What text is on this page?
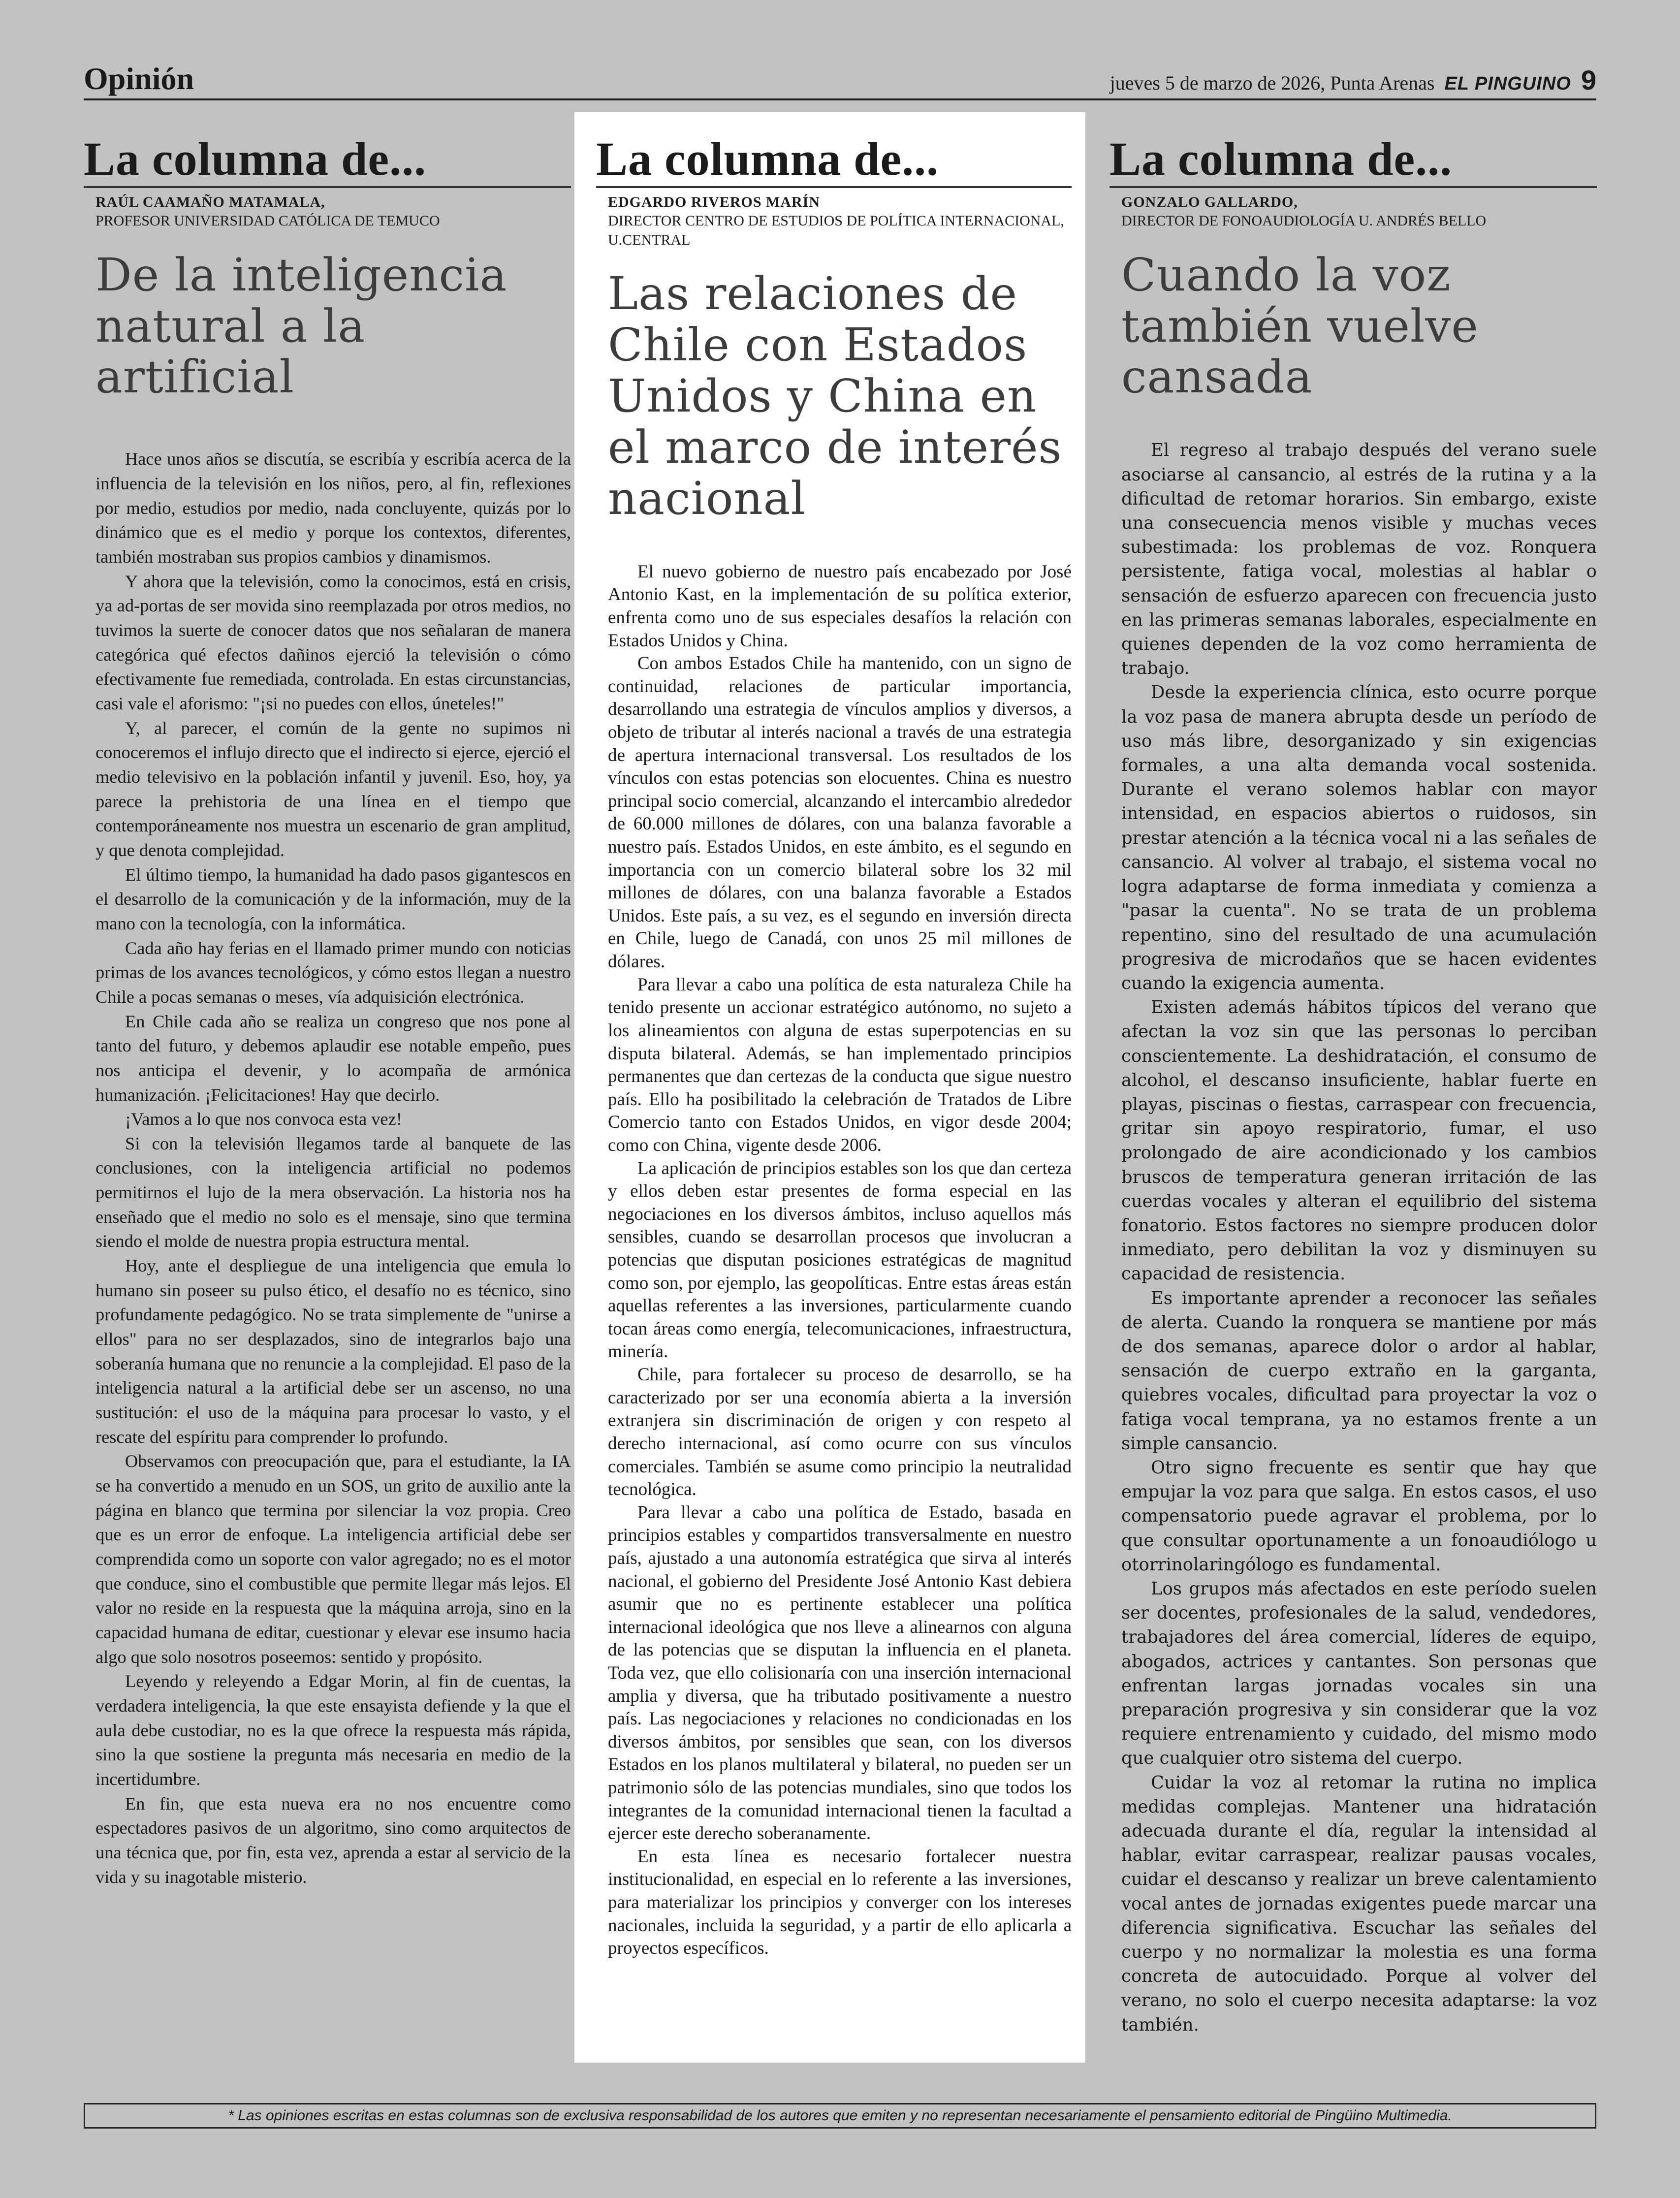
Opinión	jueves 5 de marzo de 2026, Punta Arenas EL PINGUINO 9
La columna de...
RAÚL CAAMAÑO MATAMALA,
PROFESOR UNIVERSIDAD CATÓLICA DE TEMUCO
De la inteligencia natural a la artificial

Hace unos años se discutía, se escribía y escribía acerca de la influencia de la televisión en los niños, pero, al fin, reflexiones por medio, estudios por medio, nada concluyente, quizás por lo dinámico que es el medio y porque los contextos, diferentes, también mostraban sus propios cambios y dinamismos.

Y ahora que la televisión, como la conocimos, está en crisis, ya ad-portas de ser movida sino reemplazada por otros medios, no tuvimos la suerte de conocer datos que nos señalaran de manera categórica qué efectos dañinos ejerció la televisión o cómo efectivamente fue remediada, controlada. En estas circunstancias, casi vale el aforismo: "¡si no puedes con ellos, úneteles!"

Y, al parecer, el común de la gente no supimos ni conoceremos el influjo directo que el indirecto si ejerce, ejerció el medio televisivo en la población infantil y juvenil. Eso, hoy, ya parece la prehistoria de una línea en el tiempo que contemporáneamente nos muestra un escenario de gran amplitud, y que denota complejidad.

El último tiempo, la humanidad ha dado pasos gigantescos en el desarrollo de la comunicación y de la información, muy de la mano con la tecnología, con la informática.

Cada año hay ferias en el llamado primer mundo con noticias primas de los avances tecnológicos, y cómo estos llegan a nuestro Chile a pocas semanas o meses, vía adquisición electrónica.

En Chile cada año se realiza un congreso que nos pone al tanto del futuro, y debemos aplaudir ese notable empeño, pues nos anticipa el devenir, y lo acompaña de armónica humanización. ¡Felicitaciones! Hay que decirlo.

¡Vamos a lo que nos convoca esta vez!

Si con la televisión llegamos tarde al banquete de las conclusiones, con la inteligencia artificial no podemos permitirnos el lujo de la mera observación. La historia nos ha enseñado que el medio no solo es el mensaje, sino que termina siendo el molde de nuestra propia estructura mental.

Hoy, ante el despliegue de una inteligencia que emula lo humano sin poseer su pulso ético, el desafío no es técnico, sino profundamente pedagógico. No se trata simplemente de "unirse a ellos" para no ser desplazados, sino de integrarlos bajo una soberanía humana que no renuncie a la complejidad. El paso de la inteligencia natural a la artificial debe ser un ascenso, no una sustitución: el uso de la máquina para procesar lo vasto, y el rescate del espíritu para comprender lo profundo.

Observamos con preocupación que, para el estudiante, la IA se ha convertido a menudo en un SOS, un grito de auxilio ante la página en blanco que termina por silenciar la voz propia. Creo que es un error de enfoque. La inteligencia artificial debe ser comprendida como un soporte con valor agregado; no es el motor que conduce, sino el combustible que permite llegar más lejos. El valor no reside en la respuesta que la máquina arroja, sino en la capacidad humana de editar, cuestionar y elevar ese insumo hacia algo que solo nosotros poseemos: sentido y propósito.

Leyendo y releyendo a Edgar Morin, al fin de cuentas, la verdadera inteligencia, la que este ensayista defiende y la que el aula debe custodiar, no es la que ofrece la respuesta más rápida, sino la que sostiene la pregunta más necesaria en medio de la incertidumbre.

En fin, que esta nueva era no nos encuentre como espectadores pasivos de un algoritmo, sino como arquitectos de una técnica que, por fin, esta vez, aprenda a estar al servicio de la vida y su inagotable misterio.

La columna de...
EDGARDO RIVEROS MARÍN
DIRECTOR CENTRO DE ESTUDIOS DE POLÍTICA INTERNACIONAL, U.CENTRAL
Las relaciones de Chile con Estados Unidos y China en el marco de interés nacional

El nuevo gobierno de nuestro país encabezado por José Antonio Kast, en la implementación de su política exterior, enfrenta como uno de sus especiales desafíos la relación con Estados Unidos y China.

Con ambos Estados Chile ha mantenido, con un signo de continuidad, relaciones de particular importancia, desarrollando una estrategia de vínculos amplios y diversos, a objeto de tributar al interés nacional a través de una estrategia de apertura internacional transversal. Los resultados de los vínculos con estas potencias son elocuentes. China es nuestro principal socio comercial, alcanzando el intercambio alrededor de 60.000 millones de dólares, con una balanza favorable a nuestro país. Estados Unidos, en este ámbito, es el segundo en importancia con un comercio bilateral sobre los 32 mil millones de dólares, con una balanza favorable a Estados Unidos. Este país, a su vez, es el segundo en inversión directa en Chile, luego de Canadá, con unos 25 mil millones de dólares.

Para llevar a cabo una política de esta naturaleza Chile ha tenido presente un accionar estratégico autónomo, no sujeto a los alineamientos con alguna de estas superpotencias en su disputa bilateral. Además, se han implementado principios permanentes que dan certezas de la conducta que sigue nuestro país. Ello ha posibilitado la celebración de Tratados de Libre Comercio tanto con Estados Unidos, en vigor desde 2004; como con China, vigente desde 2006.

La aplicación de principios estables son los que dan certeza y ellos deben estar presentes de forma especial en las negociaciones en los diversos ámbitos, incluso aquellos más sensibles, cuando se desarrollan procesos que involucran a potencias que disputan posiciones estratégicas de magnitud como son, por ejemplo, las geopolíticas. Entre estas áreas están aquellas referentes a las inversiones, particularmente cuando tocan áreas como energía, telecomunicaciones, infraestructura, minería.

Chile, para fortalecer su proceso de desarrollo, se ha caracterizado por ser una economía abierta a la inversión extranjera sin discriminación de origen y con respeto al derecho internacional, así como ocurre con sus vínculos comerciales. También se asume como principio la neutralidad tecnológica.

Para llevar a cabo una política de Estado, basada en principios estables y compartidos transversalmente en nuestro país, ajustado a una autonomía estratégica que sirva al interés nacional, el gobierno del Presidente José Antonio Kast debiera asumir que no es pertinente establecer una política internacional ideológica que nos lleve a alinearnos con alguna de las potencias que se disputan la influencia en el planeta. Toda vez, que ello colisionaría con una inserción internacional amplia y diversa, que ha tributado positivamente a nuestro país. Las negociaciones y relaciones no condicionadas en los diversos ámbitos, por sensibles que sean, con los diversos Estados en los planos multilateral y bilateral, no pueden ser un patrimonio sólo de las potencias mundiales, sino que todos los integrantes de la comunidad internacional tienen la facultad a ejercer este derecho soberanamente.

En esta línea es necesario fortalecer nuestra institucionalidad, en especial en lo referente a las inversiones, para materializar los principios y converger con los intereses nacionales, incluida la seguridad, y a partir de ello aplicarla a proyectos específicos.

La columna de...
GONZALO GALLARDO,
DIRECTOR DE FONOAUDIOLOGÍA U. ANDRÉS BELLO
Cuando la voz también vuelve cansada

El regreso al trabajo después del verano suele asociarse al cansancio, al estrés de la rutina y a la dificultad de retomar horarios. Sin embargo, existe una consecuencia menos visible y muchas veces subestimada: los problemas de voz. Ronquera persistente, fatiga vocal, molestias al hablar o sensación de esfuerzo aparecen con frecuencia justo en las primeras semanas laborales, especialmente en quienes dependen de la voz como herramienta de trabajo.

Desde la experiencia clínica, esto ocurre porque la voz pasa de manera abrupta desde un período de uso más libre, desorganizado y sin exigencias formales, a una alta demanda vocal sostenida. Durante el verano solemos hablar con mayor intensidad, en espacios abiertos o ruidosos, sin prestar atención a la técnica vocal ni a las señales de cansancio. Al volver al trabajo, el sistema vocal no logra adaptarse de forma inmediata y comienza a "pasar la cuenta". No se trata de un problema repentino, sino del resultado de una acumulación progresiva de microdaños que se hacen evidentes cuando la exigencia aumenta.

Existen además hábitos típicos del verano que afectan la voz sin que las personas lo perciban conscientemente. La deshidratación, el consumo de alcohol, el descanso insuficiente, hablar fuerte en playas, piscinas o fiestas, carraspear con frecuencia, gritar sin apoyo respiratorio, fumar, el uso prolongado de aire acondicionado y los cambios bruscos de temperatura generan irritación de las cuerdas vocales y alteran el equilibrio del sistema fonatorio. Estos factores no siempre producen dolor inmediato, pero debilitan la voz y disminuyen su capacidad de resistencia.

Es importante aprender a reconocer las señales de alerta. Cuando la ronquera se mantiene por más de dos semanas, aparece dolor o ardor al hablar, sensación de cuerpo extraño en la garganta, quiebres vocales, dificultad para proyectar la voz o fatiga vocal temprana, ya no estamos frente a un simple cansancio.

Otro signo frecuente es sentir que hay que empujar la voz para que salga. En estos casos, el uso compensatorio puede agravar el problema, por lo que consultar oportunamente a un fonoaudiólogo u otorrinolaringólogo es fundamental.

Los grupos más afectados en este período suelen ser docentes, profesionales de la salud, vendedores, trabajadores del área comercial, líderes de equipo, abogados, actrices y cantantes. Son personas que enfrentan largas jornadas vocales sin una preparación progresiva y sin considerar que la voz requiere entrenamiento y cuidado, del mismo modo que cualquier otro sistema del cuerpo.

Cuidar la voz al retomar la rutina no implica medidas complejas. Mantener una hidratación adecuada durante el día, regular la intensidad al hablar, evitar carraspear, realizar pausas vocales, cuidar el descanso y realizar un breve calentamiento vocal antes de jornadas exigentes puede marcar una diferencia significativa. Escuchar las señales del cuerpo y no normalizar la molestia es una forma concreta de autocuidado. Porque al volver del verano, no solo el cuerpo necesita adaptarse: la voz también.

* Las opiniones escritas en estas columnas son de exclusiva responsabilidad de los autores que emiten y no representan necesariamente el pensamiento editorial de Pingüino Multimedia.
